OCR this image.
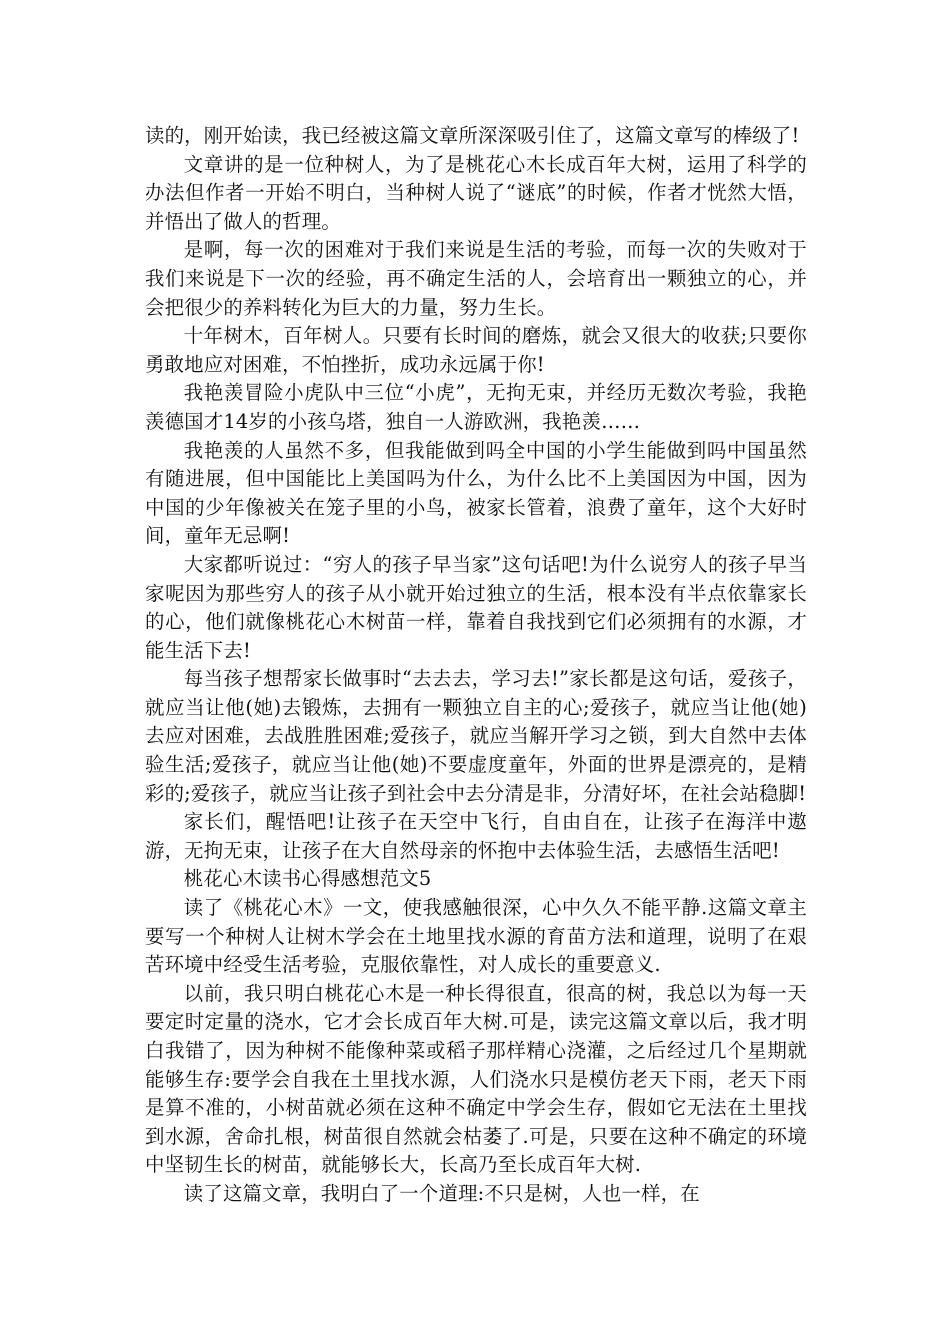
读的，刚开始读，我已经被这篇文章所深深吸引住了，这篇文章写的棒级了!

文章讲的是一位种树人，为了是桃花心木长成百年大树，运用了科学的办法但作者一开始不明白，当种树人说了“谜底”的时候，作者才恍然大悟，并悟出了做人的哲理。

是啊，每一次的困难对于我们来说是生活的考验，而每一次的失败对于我们来说是下一次的经验，再不确定生活的人，会培育出一颗独立的心，并会把很少的养料转化为巨大的力量，努力生长。

十年树木，百年树人。只要有长时间的磨炼，就会又很大的收获;只要你勇敢地应对困难，不怕挫折，成功永远属于你!

我艳羡冒险小虎队中三位“小虎”，无拘无束，并经历无数次考验，我艳羡德国才14岁的小孩乌塔，独自一人游欧洲，我艳羡……

我艳羡的人虽然不多，但我能做到吗全中国的小学生能做到吗中国虽然有随进展，但中国能比上美国吗为什么，为什么比不上美国因为中国，因为中国的少年像被关在笼子里的小鸟，被家长管着，浪费了童年，这个大好时间，童年无忌啊!

大家都听说过：“穷人的孩子早当家”这句话吧!为什么说穷人的孩子早当家呢因为那些穷人的孩子从小就开始过独立的生活，根本没有半点依靠家长的心，他们就像桃花心木树苗一样，靠着自我找到它们必须拥有的水源，才能生活下去!

每当孩子想帮家长做事时“去去去，学习去!”家长都是这句话，爱孩子，就应当让他(她)去锻炼，去拥有一颗独立自主的心;爱孩子，就应当让他(她)去应对困难，去战胜胜困难;爱孩子，就应当解开学习之锁，到大自然中去体验生活;爱孩子，就应当让他(她)不要虚度童年，外面的世界是漂亮的，是精彩的;爱孩子，就应当让孩子到社会中去分清是非，分清好坏，在社会站稳脚!

家长们，醒悟吧!让孩子在天空中飞行，自由自在，让孩子在海洋中遨游，无拘无束，让孩子在大自然母亲的怀抱中去体验生活，去感悟生活吧!

桃花心木读书心得感想范文5

读了《桃花心木》一文，使我感触很深，心中久久不能平静.这篇文章主要写一个种树人让树木学会在土地里找水源的育苗方法和道理，说明了在艰苦环境中经受生活考验，克服依靠性，对人成长的重要意义.

以前，我只明白桃花心木是一种长得很直，很高的树，我总以为每一天要定时定量的浇水，它才会长成百年大树.可是，读完这篇文章以后，我才明白我错了，因为种树不能像种菜或稻子那样精心浇灌，之后经过几个星期就能够生存:要学会自我在土里找水源，人们浇水只是模仿老天下雨，老天下雨是算不准的，小树苗就必须在这种不确定中学会生存，假如它无法在土里找到水源，舍命扎根，树苗很自然就会枯萎了.可是，只要在这种不确定的环境中坚韧生长的树苗，就能够长大，长高乃至长成百年大树.

读了这篇文章，我明白了一个道理:不只是树，人也一样，在
